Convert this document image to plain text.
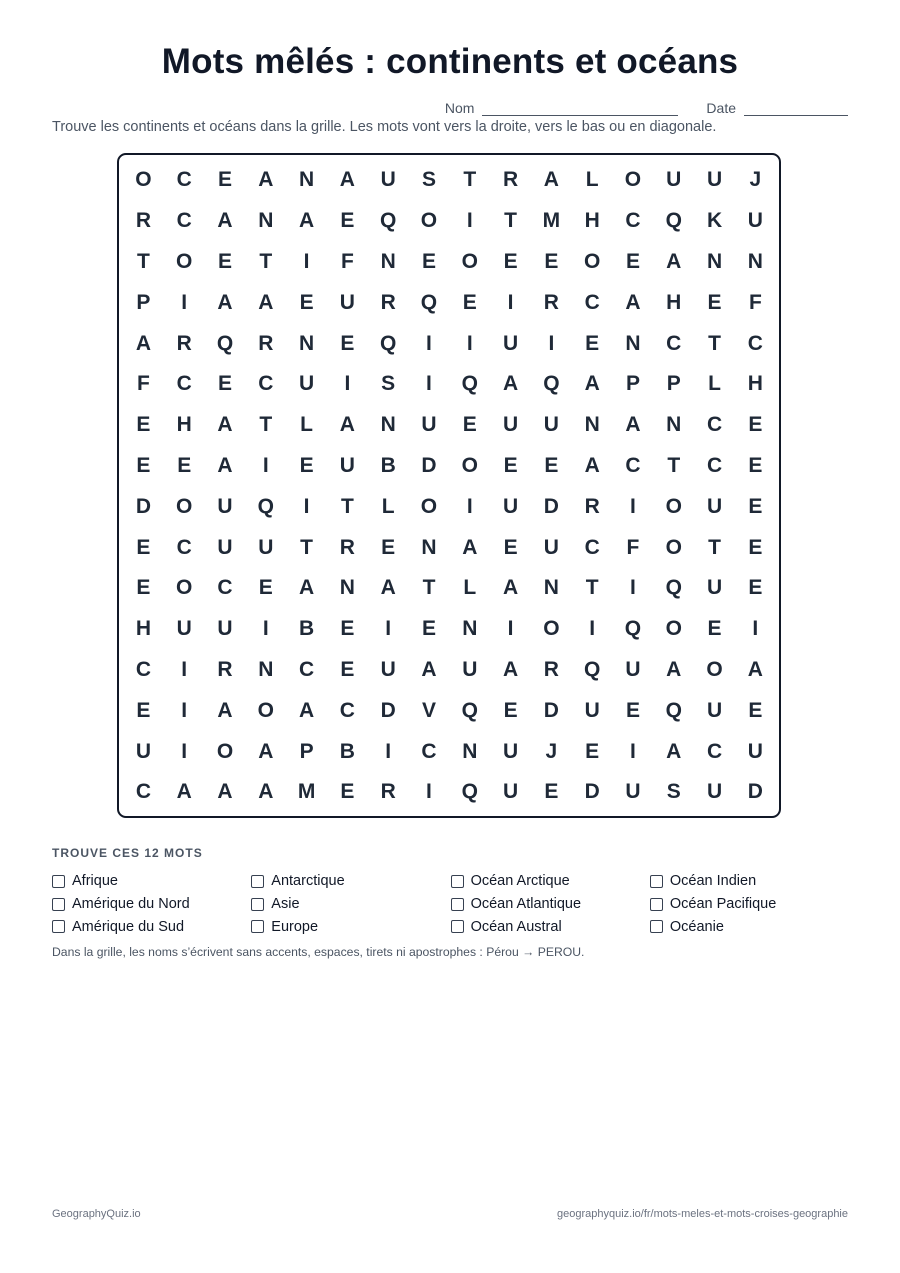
Mots mêlés : continents et océans
Nom	Date
Trouve les continents et océans dans la grille. Les mots vont vers la droite, vers le bas ou en diagonale.
O	C	E	A	N	A	U	S	T	R	A	L	O	U	U	J
R	C	A	N	A	E	Q	O	I	T	M	H	C	Q	K	U
T	O	E	T	I	F	N	E	O	E	E	O	E	A	N	N
P	I	A	A	E	U	R	Q	E	I	R	C	A	H	E	F
A	R	Q	R	N	E	Q	I	I	U	I	E	N	C	T	C
F	C	E	C	U	I	S	I	Q	A	Q	A	P	P	L	H
E	H	A	T	L	A	N	U	E	U	U	N	A	N	C	E
E	E	A	I	E	U	B	D	O	E	E	A	C	T	C	E
D	O	U	Q	I	T	L	O	I	U	D	R	I	O	U	E
E	C	U	U	T	R	E	N	A	E	U	C	F	O	T	E
E	O	C	E	A	N	A	T	L	A	N	T	I	Q	U	E
H	U	U	I	B	E	I	E	N	I	O	I	Q	O	E	I
C	I	R	N	C	E	U	A	U	A	R	Q	U	A	O	A
E	I	A	O	A	C	D	V	Q	E	D	U	E	Q	U	E
U	I	O	A	P	B	I	C	N	U	J	E	I	A	C	U
C	A	A	A	M	E	R	I	Q	U	E	D	U	S	U	D
TROUVE CES 12 MOTS
Afrique	Antarctique	Océan Arctique	Océan Indien
Amérique du Nord	Asie	Océan Atlantique	Océan Pacifique
Amérique du Sud	Europe	Océan Austral	Océanie
Dans la grille, les noms s’écrivent sans accents, espaces, tirets ni apostrophes : Pérou → PEROU.
GeographyQuiz.io	geographyquiz.io/fr/mots-meles-et-mots-croises-geographie
